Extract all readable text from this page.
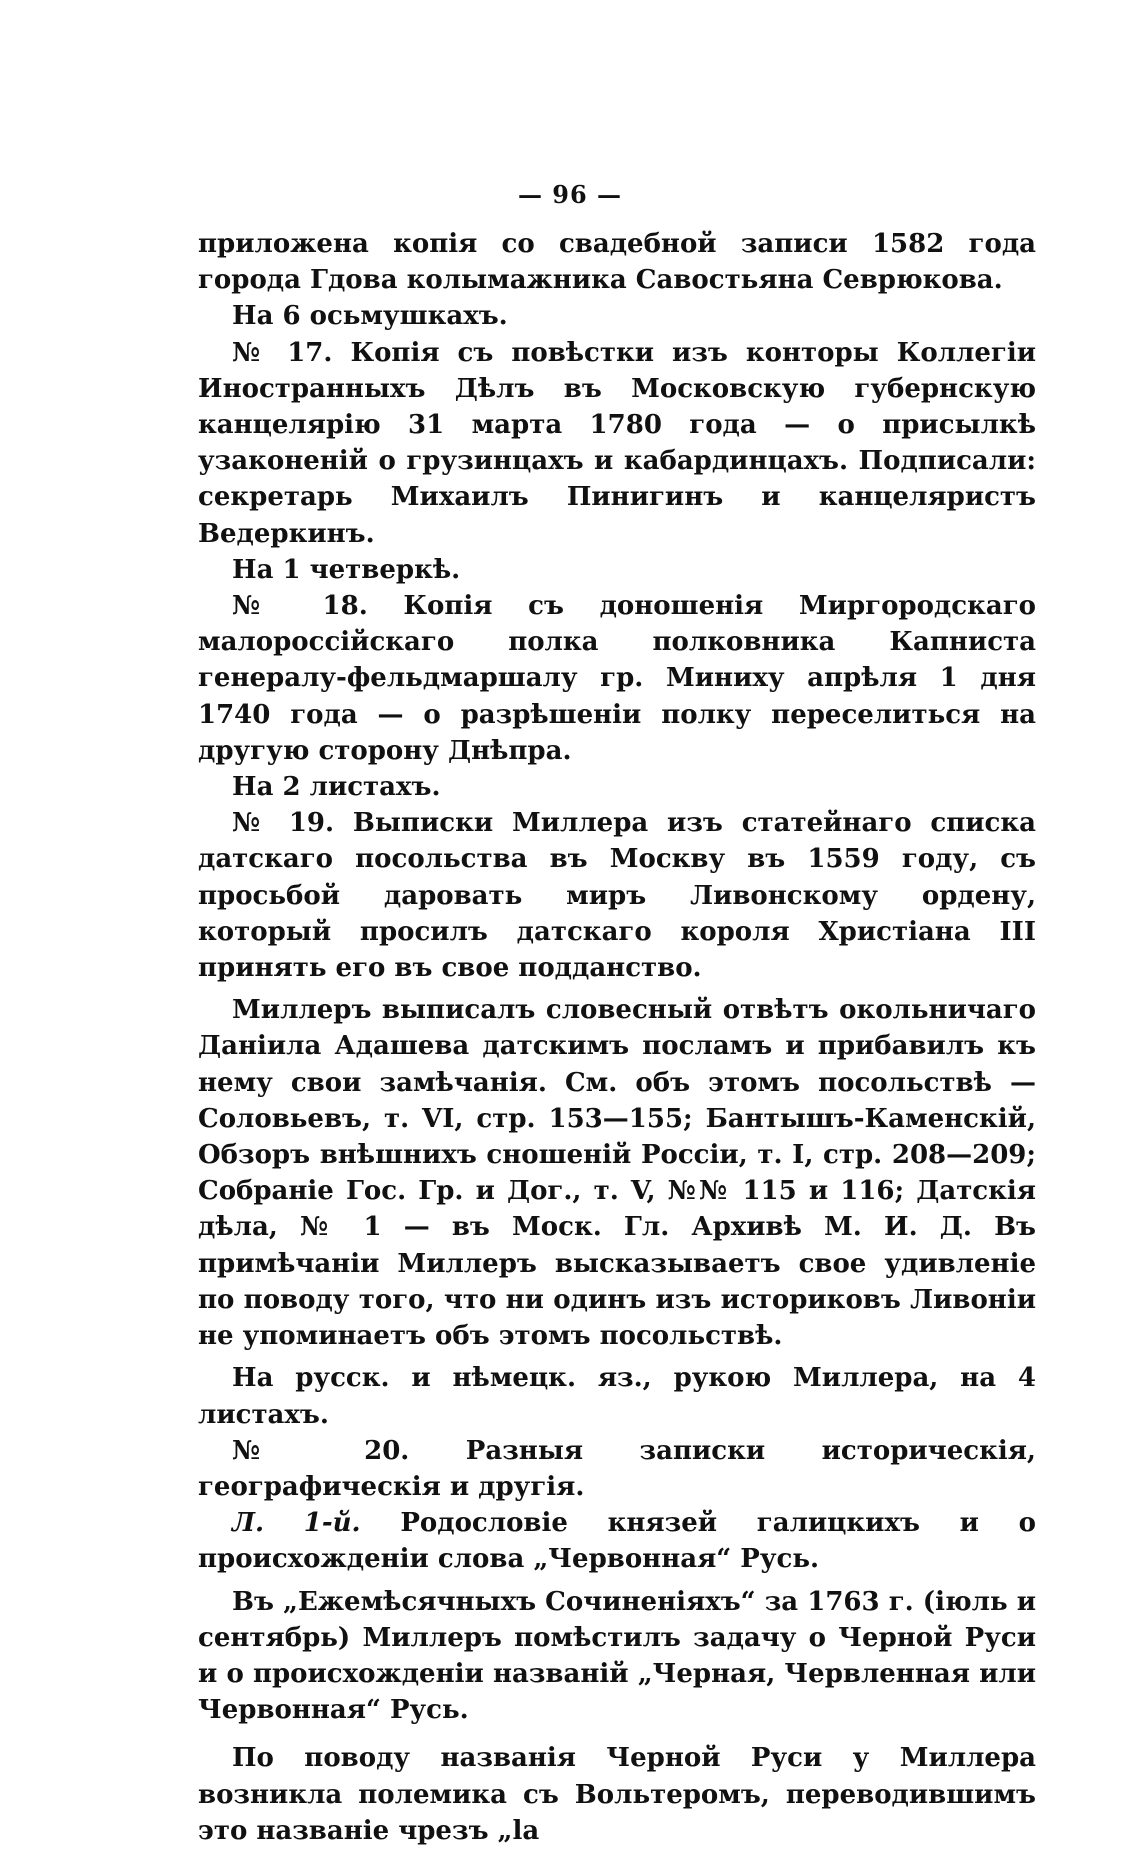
— 96 —

приложена копія со свадебной записи 1582 года города Гдова колымажника Савостьяна Севрюкова.

На 6 осьмушкахъ.

№ 17. Копія съ повѣстки изъ конторы Коллегіи Иностранныхъ Дѣлъ въ Московскую губернскую канцелярію 31 марта 1780 года — о присылкѣ узаконеній о грузинцахъ и кабардинцахъ. Подписали: секретарь Михаилъ Пинигинъ и канцеляристъ Ведеркинъ.

На 1 четверкѣ.

№ 18. Копія съ доношенія Миргородскаго малороссійскаго полка полковника Капниста генералу-фельдмаршалу гр. Миниху апрѣля 1 дня 1740 года — о разрѣшеніи полку переселиться на другую сторону Днѣпра.

На 2 листахъ.

№ 19. Выписки Миллера изъ статейнаго списка датскаго посольства въ Москву въ 1559 году, съ просьбой даровать миръ Ливонскому ордену, который просилъ датскаго короля Христіана III принять его въ свое подданство.

Миллеръ выписалъ словесный отвѣтъ окольничаго Даніила Адашева датскимъ посламъ и прибавилъ къ нему свои замѣчанія. См. объ этомъ посольствѣ — Соловьевъ, т. VI, стр. 153—155; Бантышъ-Каменскій, Обзоръ внѣшнихъ сношеній Россіи, т. I, стр. 208—209; Собраніе Гос. Гр. и Дог., т. V, №№ 115 и 116; Датскія дѣла, № 1 — въ Моск. Гл. Архивѣ М. И. Д. Въ примѣчаніи Миллеръ высказываетъ свое удивленіе по поводу того, что ни одинъ изъ историковъ Ливоніи не упоминаетъ объ этомъ посольствѣ.

На русск. и нѣмецк. яз., рукою Миллера, на 4 листахъ.

№ 20. Разныя записки историческія, географическія и другія.

Л. 1-й. Родословіе князей галицкихъ и о происхожденіи слова „Червонная“ Русь.

Въ „Ежемѣсячныхъ Сочиненіяхъ“ за 1763 г. (іюль и сентябрь) Миллеръ помѣстилъ задачу о Черной Руси и о происхожденіи названій „Черная, Червленная или Червонная“ Русь.

По поводу названія Черной Руси у Миллера возникла полемика съ Вольтеромъ, переводившимъ это названіе чрезъ „la
